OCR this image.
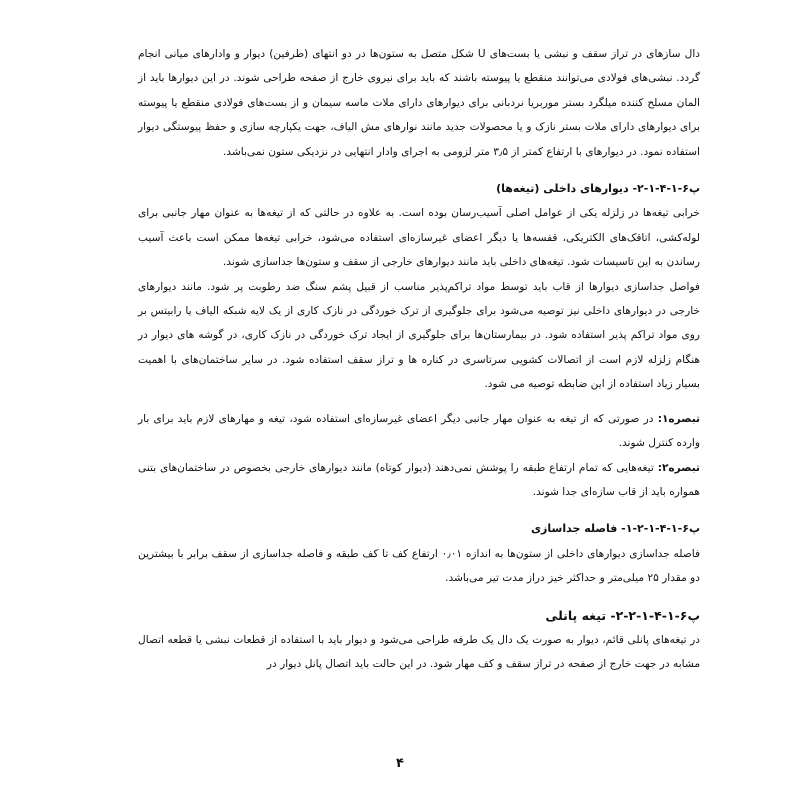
دال سازهای در تراز سقف و نبشی یا بست‌های U شکل متصل به ستون‌ها در دو انتهای (طرفین) دیوار و وادارهای میانی انجام گردد. نبشی‌های فولادی می‌توانند منقطع یا پیوسته باشند که باید برای نیروی خارج از صفحه طراحی شوند. در این دیوارها باید از المان مسلح کننده میلگرد بستر موربریا نردبانی برای دیوارهای دارای ملات ماسه سیمان و از بست‌های فولادی منقطع یا پیوسته برای دیوارهای دارای ملات بستر نازک و یا محصولات جدید مانند نوارهای مش الیاف، جهت یکپارچه سازی و حفظ پیوستگی دیوار استفاده نمود. در دیوارهای با ارتفاع کمتر از ۳٫۵ متر لزومی به اجرای وادار انتهایی در نزدیکی ستون نمی‌باشد.

پ۶-۱-۴-۱-۲- دیوارهای داخلی (تیغه‌ها)

خرابی تیغه‌ها در زلزله یکی از عوامل اصلی آسیب‌رسان بوده است. به علاوه در حالتی که از تیغه‌ها به عنوان مهار جانبی برای لوله‌کشی، اتاقک‌های الکتریکی، قفسه‌ها یا دیگر اعضای غیرسازه‌ای استفاده می‌شود، خرابی تیغه‌ها ممکن است باعث آسیب رساندن به این تاسیسات شود. تیغه‌های داخلی باید مانند دیوارهای خارجی از سقف و ستون‌ها جداسازی شوند.

فواصل جداسازی دیوارها از قاب باید توسط مواد تراکم‌پذیر مناسب از قبیل پشم سنگ ضد رطوبت پر شود. مانند دیوارهای خارجی در دیوارهای داخلی نیز توصیه می‌شود برای جلوگیری از ترک خوردگی در نازک کاری از یک لایه شبکه الیاف یا رابیتس بر روی مواد تراکم پذیر استفاده شود. در بیمارستان‌ها برای جلوگیری از ایجاد ترک خوردگی در نازک کاری، در گوشه های دیوار در هنگام زلزله لازم است از اتصالات کشویی سرتاسری در کناره ها و تراز سقف استفاده شود. در سایر ساختمان‌های با اهمیت بسیار زیاد استفاده از این ضابطه توصیه می شود.

تبصره۱: در صورتی که از تیغه به عنوان مهار جانبی دیگر اعضای غیرسازه‌ای استفاده شود، تیغه و مهارهای لازم باید برای بار وارده کنترل شوند.

تبصره۲: تیغه‌هایی که تمام ارتفاع طبقه را پوشش نمی‌دهند (دیوار کوتاه) مانند دیوارهای خارجی بخصوص در ساختمان‌های بتنی همواره باید از قاب سازه‌ای جدا شوند.

پ۶-۱-۴-۱-۲-۱- فاصله جداسازی

فاصله جداسازی دیوارهای داخلی از ستون‌ها به اندازه ۰٫۰۱ ارتفاع کف تا کف طبقه و فاصله جداسازی از سقف برابر با بیشترین دو مقدار ۲۵ میلی‌متر و حداکثر خیز دراز مدت تیر می‌باشد.

پ۶-۱-۴-۱-۲-۲- تیغه پانلی

در تیغه‌های پانلی قائم، دیوار به صورت یک دال یک طرفه طراحی می‌شود و دیوار باید با استفاده از قطعات نبشی یا قطعه اتصال مشابه در جهت خارج از صفحه در تراز سقف و کف مهار شود. در این حالت باید اتصال پانل دیوار در

۴
